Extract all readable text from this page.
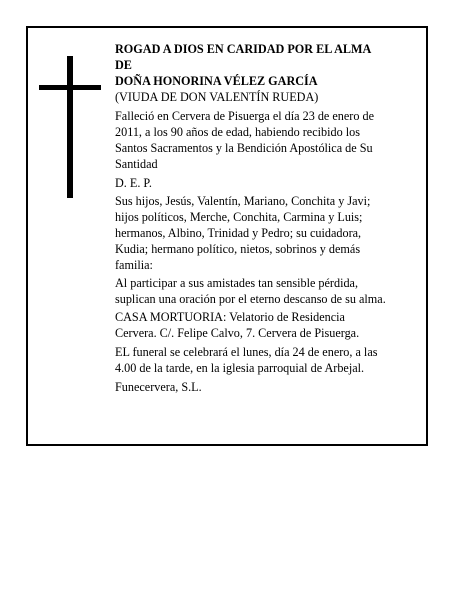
ROGAD A DIOS EN CARIDAD POR EL ALMA
DE
DOÑA HONORINA VÉLEZ GARCÍA
(VIUDA DE DON VALENTÍN RUEDA)
Falleció en Cervera de Pisuerga el día 23 de enero de
2011, a los 90 años de edad, habiendo recibido los
Santos Sacramentos y la Bendición Apostólica de Su
Santidad
D. E. P.
Sus hijos, Jesús, Valentín, Mariano, Conchita y Javi;
hijos políticos, Merche, Conchita, Carmina y Luis;
hermanos, Albino, Trinidad y Pedro; su cuidadora,
Kudia; hermano político, nietos, sobrinos y demás
familia:
Al participar a sus amistades tan sensible pérdida,
suplican una oración por el eterno descanso de su alma.
CASA MORTUORIA: Velatorio de Residencia
Cervera. C/. Felipe Calvo, 7. Cervera de Pisuerga.
EL funeral se celebrará el lunes, día 24 de enero, a las
4.00 de la tarde, en la iglesia parroquial de Arbejal.
Funecervera, S.L.
